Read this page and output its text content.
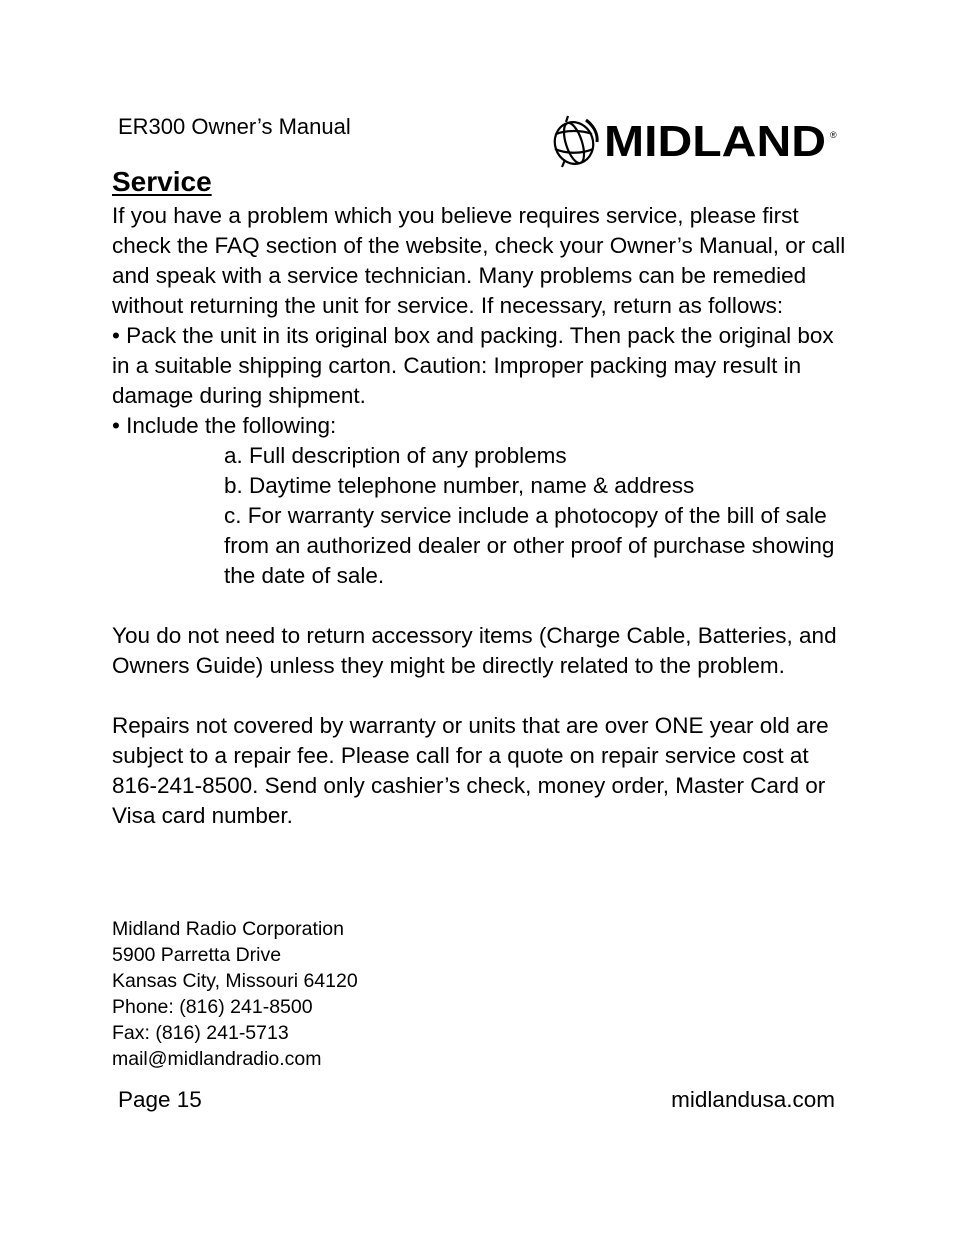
ER300 Owner’s Manual	MIDLAND ®
Service

If you have a problem which you believe requires service, please first check the FAQ section of the website, check your Owner’s Manual, or call and speak with a service technician. Many problems can be remedied without returning the unit for service. If necessary, return as follows:

• Pack the unit in its original box and packing. Then pack the original box in a suitable shipping carton. Caution: Improper packing may result in damage during shipment.

• Include the following:

a. Full description of any problems

b. Daytime telephone number, name & address

c. For warranty service include a photocopy of the bill of sale from an authorized dealer or other proof of purchase showing the date of sale.

You do not need to return accessory items (Charge Cable, Batteries, and Owners Guide) unless they might be directly related to the problem.

Repairs not covered by warranty or units that are over ONE year old are subject to a repair fee. Please call for a quote on repair service cost at 816-241-8500. Send only cashier’s check, money order, Master Card or Visa card number.

Midland Radio Corporation
5900 Parretta Drive
Kansas City, Missouri 64120
Phone: (816) 241-8500
Fax: (816) 241-5713
mail@midlandradio.com
Page 15	midlandusa.com
